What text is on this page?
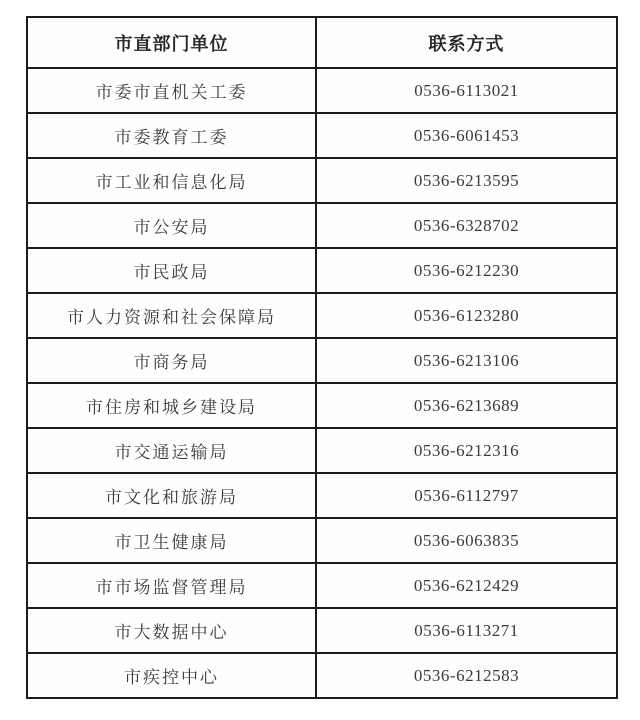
市直部门单位	联系方式
市委市直机关工委	0536-6113021
市委教育工委	0536-6061453
市工业和信息化局	0536-6213595
市公安局	0536-6328702
市民政局	0536-6212230
市人力资源和社会保障局	0536-6123280
市商务局	0536-6213106
市住房和城乡建设局	0536-6213689
市交通运输局	0536-6212316
市文化和旅游局	0536-6112797
市卫生健康局	0536-6063835
市市场监督管理局	0536-6212429
市大数据中心	0536-6113271
市疾控中心	0536-6212583
